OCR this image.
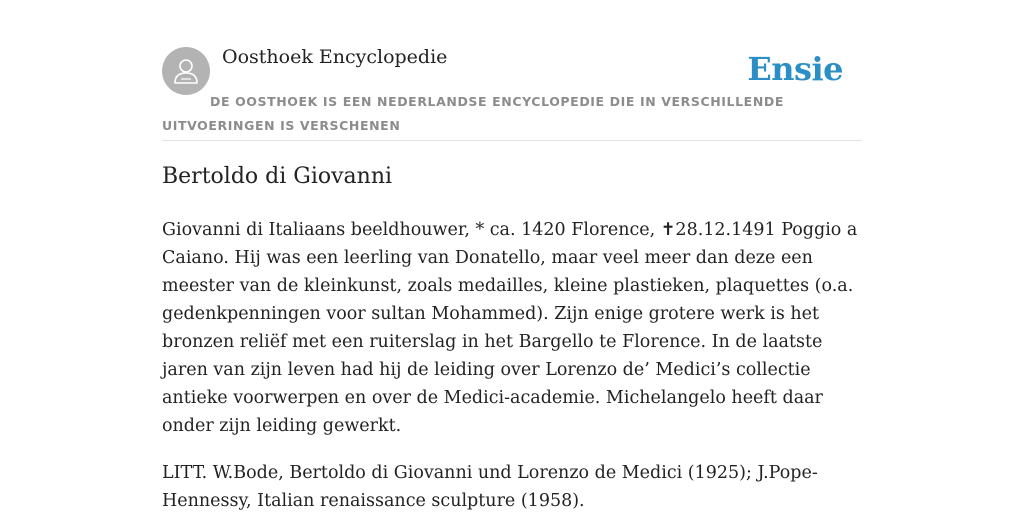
Oosthoek Encyclopedie	Ensie
DE OOSTHOEK IS EEN NEDERLANDSE ENCYCLOPEDIE DIE IN VERSCHILLENDE UITVOERINGEN IS VERSCHENEN
Bertoldo di Giovanni

Giovanni di Italiaans beeldhouwer, * ca. 1420 Florence, ✝28.12.1491 Poggio a Caiano. Hij was een leerling van Donatello, maar veel meer dan deze een meester van de kleinkunst, zoals medailles, kleine plastieken, plaquettes (o.a. gedenkpenningen voor sultan Mohammed). Zijn enige grotere werk is het bronzen reliëf met een ruiterslag in het Bargello te Florence. In de laatste jaren van zijn leven had hij de leiding over Lorenzo de’ Medici’s collectie antieke voorwerpen en over de Medici-academie. Michelangelo heeft daar onder zijn leiding gewerkt.

LITT. W.Bode, Bertoldo di Giovanni und Lorenzo de Medici (1925); J.Pope-Hennessy, Italian renaissance sculpture (1958).
